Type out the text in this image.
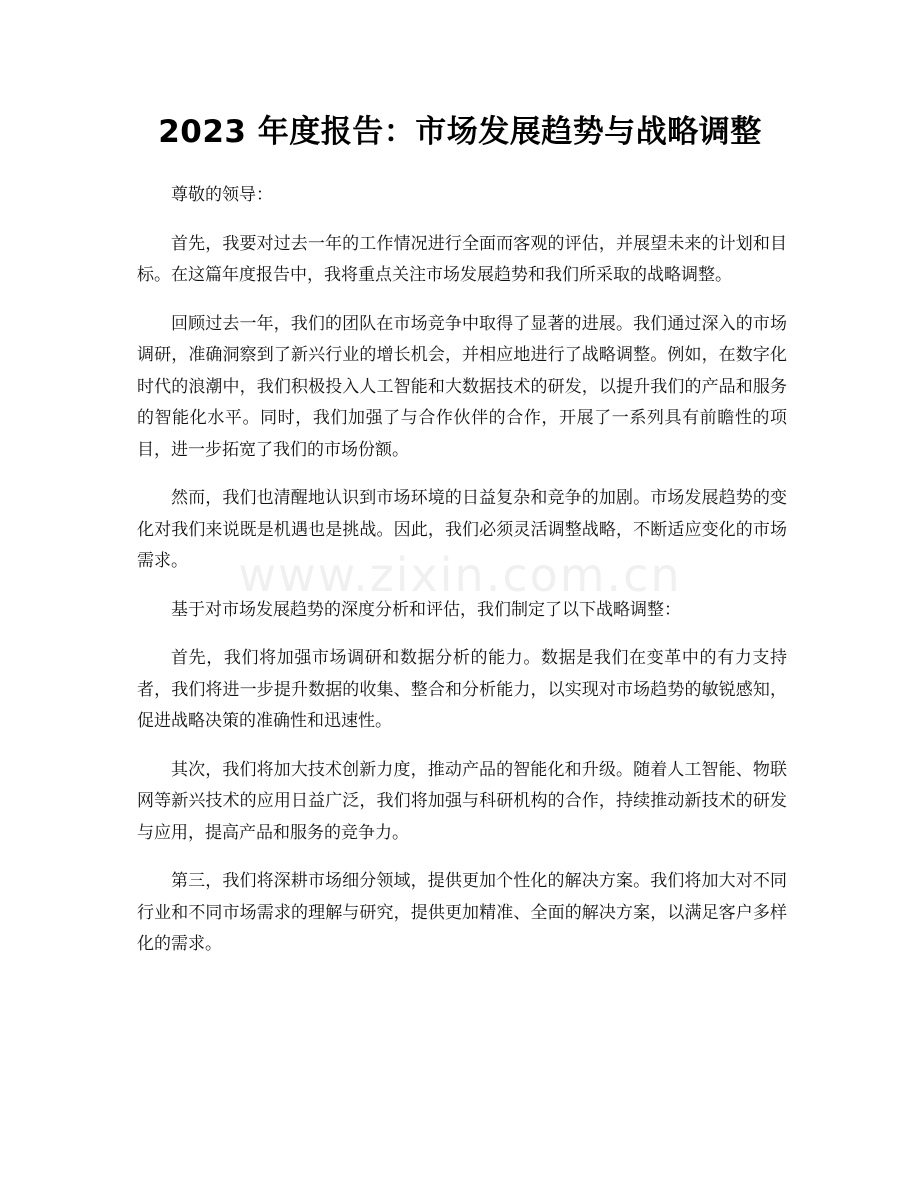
2023 年度报告：市场发展趋势与战略调整

尊敬的领导：

首先，我要对过去一年的工作情况进行全面而客观的评估，并展望未来的计划和目标。在这篇年度报告中，我将重点关注市场发展趋势和我们所采取的战略调整。

回顾过去一年，我们的团队在市场竞争中取得了显著的进展。我们通过深入的市场调研，准确洞察到了新兴行业的增长机会，并相应地进行了战略调整。例如，在数字化时代的浪潮中，我们积极投入人工智能和大数据技术的研发，以提升我们的产品和服务的智能化水平。同时，我们加强了与合作伙伴的合作，开展了一系列具有前瞻性的项目，进一步拓宽了我们的市场份额。

然而，我们也清醒地认识到市场环境的日益复杂和竞争的加剧。市场发展趋势的变化对我们来说既是机遇也是挑战。因此，我们必须灵活调整战略，不断适应变化的市场需求。

基于对市场发展趋势的深度分析和评估，我们制定了以下战略调整：

首先，我们将加强市场调研和数据分析的能力。数据是我们在变革中的有力支持者，我们将进一步提升数据的收集、整合和分析能力，以实现对市场趋势的敏锐感知，促进战略决策的准确性和迅速性。

其次，我们将加大技术创新力度，推动产品的智能化和升级。随着人工智能、物联网等新兴技术的应用日益广泛，我们将加强与科研机构的合作，持续推动新技术的研发与应用，提高产品和服务的竞争力。

第三，我们将深耕市场细分领域，提供更加个性化的解决方案。我们将加大对不同行业和不同市场需求的理解与研究，提供更加精准、全面的解决方案，以满足客户多样化的需求。

www.zixin.com.cn
